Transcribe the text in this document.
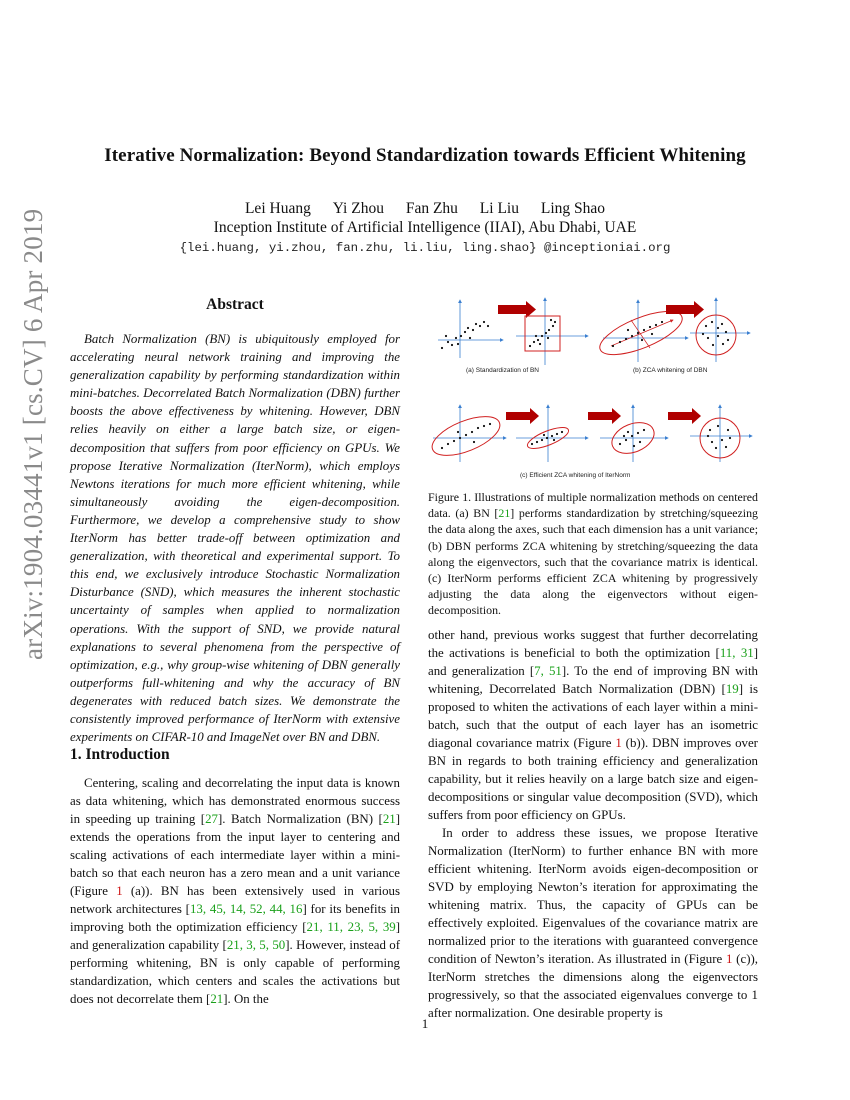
Iterative Normalization: Beyond Standardization towards Efficient Whitening
Lei Huang Yi Zhou Fan Zhu Li Liu Ling Shao
Inception Institute of Artificial Intelligence (IIAI), Abu Dhabi, UAE
{lei.huang, yi.zhou, fan.zhu, li.liu, ling.shao} @inceptioniai.org
arXiv:1904.03441v1 [cs.CV] 6 Apr 2019	Abstract
Batch Normalization (BN) is ubiquitously employed for accelerating neural network training and improving the generalization capability by performing standardization within mini-batches. Decorrelated Batch Normalization (DBN) further boosts the above effectiveness by whitening. However, DBN relies heavily on either a large batch size, or eigen-decomposition that suffers from poor efficiency on GPUs. We propose Iterative Normalization (IterNorm), which employs Newtons iterations for much more efficient whitening, while simultaneously avoiding the eigen-decomposition. Furthermore, we develop a comprehensive study to show IterNorm has better trade-off between optimization and generalization, with theoretical and experimental support. To this end, we exclusively introduce Stochastic Normalization Disturbance (SND), which measures the inherent stochastic uncertainty of samples when applied to normalization operations. With the support of SND, we provide natural explanations to several phenomena from the perspective of optimization, e.g., why group-wise whitening of DBN generally outperforms full-whitening and why the accuracy of BN degenerates with reduced batch sizes. We demonstrate the consistently improved performance of IterNorm with extensive experiments on CIFAR-10 and ImageNet over BN and DBN.
1. Introduction

Centering, scaling and decorrelating the input data is known as data whitening, which has demonstrated enormous success in speeding up training [27]. Batch Normalization (BN) [21] extends the operations from the input layer to centering and scaling activations of each intermediate layer within a mini-batch so that each neuron has a zero mean and a unit variance (Figure 1 (a)). BN has been extensively used in various network architectures [13, 45, 14, 52, 44, 16] for its benefits in improving both the optimization efficiency [21, 11, 23, 5, 39] and generalization capability [21, 3, 5, 50]. However, instead of performing whitening, BN is only capable of performing standardization, which centers and scales the activations but does not decorrelate them [21]. On the

other hand, previous works suggest that further decorrelating the activations is beneficial to both the optimization [11, 31] and generalization [7, 51]. To the end of improving BN with whitening, Decorrelated Batch Normalization (DBN) [19] is proposed to whiten the activations of each layer within a mini-batch, such that the output of each layer has an isometric diagonal covariance matrix (Figure 1 (b)). DBN improves over BN in regards to both training efficiency and generalization capability, but it relies heavily on a large batch size and eigen-decompositions or singular value decomposition (SVD), which suffers from poor efficiency on GPUs.

In order to address these issues, we propose Iterative Normalization (IterNorm) to further enhance BN with more efficient whitening. IterNorm avoids eigen-decomposition or SVD by employing Newton’s iteration for approximating the whitening matrix. Thus, the capacity of GPUs can be effectively exploited. Eigenvalues of the covariance matrix are normalized prior to the iterations with guaranteed convergence condition of Newton’s iteration. As illustrated in (Figure 1 (c)), IterNorm stretches the dimensions along the eigenvectors progressively, so that the associated eigenvalues converge to 1 after normalization. One desirable property is

(a) Standardization of BN	(b) ZCA whitening of DBN
(c) Efficient ZCA whitening of IterNorm
Figure 1. Illustrations of multiple normalization methods on centered data. (a) BN [21] performs standardization by stretching/squeezing the data along the axes, such that each dimension has a unit variance; (b) DBN performs ZCA whitening by stretching/squeezing the data along the eigenvectors, such that the covariance matrix is identical. (c) IterNorm performs efficient ZCA whitening by progressively adjusting the data along the eigenvectors without eigen-decomposition.
1
